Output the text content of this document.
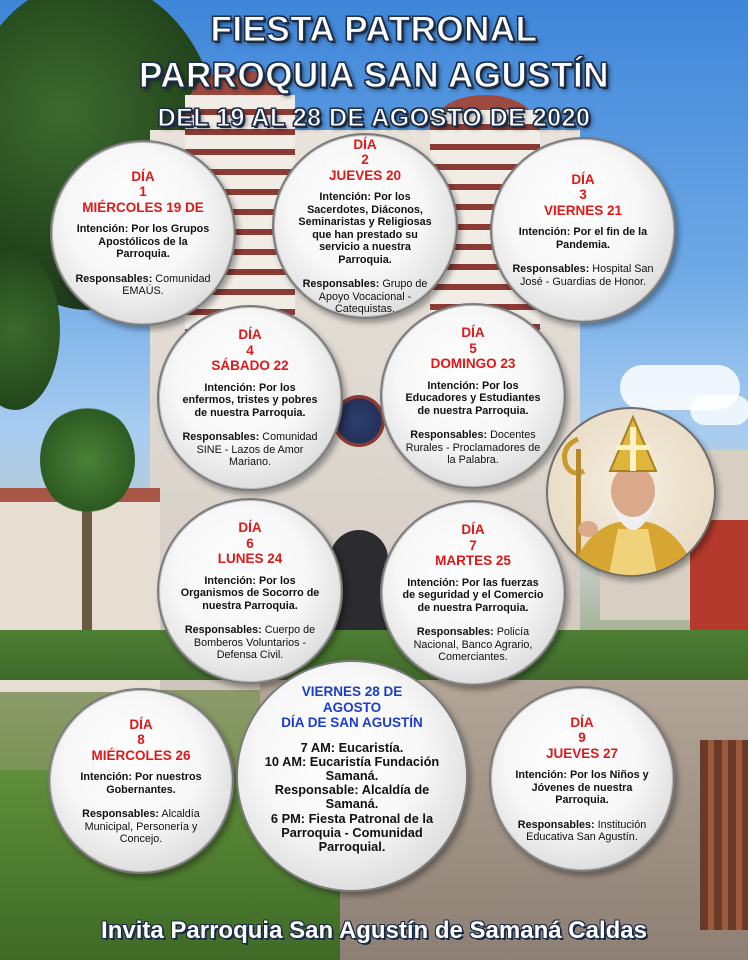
FIESTA PATRONAL
PARROQUIA SAN AGUSTÍN
DEL 19 AL 28 DE AGOSTO DE 2020
DÍA
1
MIÉRCOLES 19 DE
Intención: Por los Grupos Apostólicos de la Parroquia.
Responsables: Comunidad EMAÚS.
DÍA
2
JUEVES 20
Intención: Por los Sacerdotes, Diáconos, Seminaristas y Religiosas que han prestado su servicio a nuestra Parroquia.
Responsables: Grupo de Apoyo Vocacional - Catequistas.
DÍA
3
VIERNES 21
Intención: Por el fin de la Pandemia.
Responsables: Hospital San José - Guardias de Honor.
DÍA
4
SÁBADO 22
Intención: Por los enfermos, tristes y pobres de nuestra Parroquia.
Responsables: Comunidad SINE - Lazos de Amor Mariano.
DÍA
5
DOMINGO 23
Intención: Por los Educadores y Estudiantes de nuestra Parroquia.
Responsables: Docentes Rurales - Proclamadores de la Palabra.
DÍA
6
LUNES 24
Intención: Por los Organismos de Socorro de nuestra Parroquia.
Responsables: Cuerpo de Bomberos Voluntarios - Defensa Civil.
DÍA
7
MARTES 25
Intención: Por las fuerzas de seguridad y el Comercio de nuestra Parroquia.
Responsables: Policía Nacional, Banco Agrario, Comerciantes.
DÍA
8
MIÉRCOLES 26
Intención: Por nuestros Gobernantes.
Responsables: Alcaldía Municipal, Personería y Concejo.
VIERNES 28 DE
AGOSTO
DÍA DE SAN AGUSTÍN
7 AM: Eucaristía.
10 AM: Eucaristía Fundación
Samaná.
Responsable: Alcaldía de
Samaná.
6 PM: Fiesta Patronal de la
Parroquia - Comunidad
Parroquial.
DÍA
9
JUEVES 27
Intención: Por los Niños y Jóvenes de nuestra Parroquia.
Responsables: Institución Educativa San Agustín.
Invita Parroquia San Agustín de Samaná Caldas
